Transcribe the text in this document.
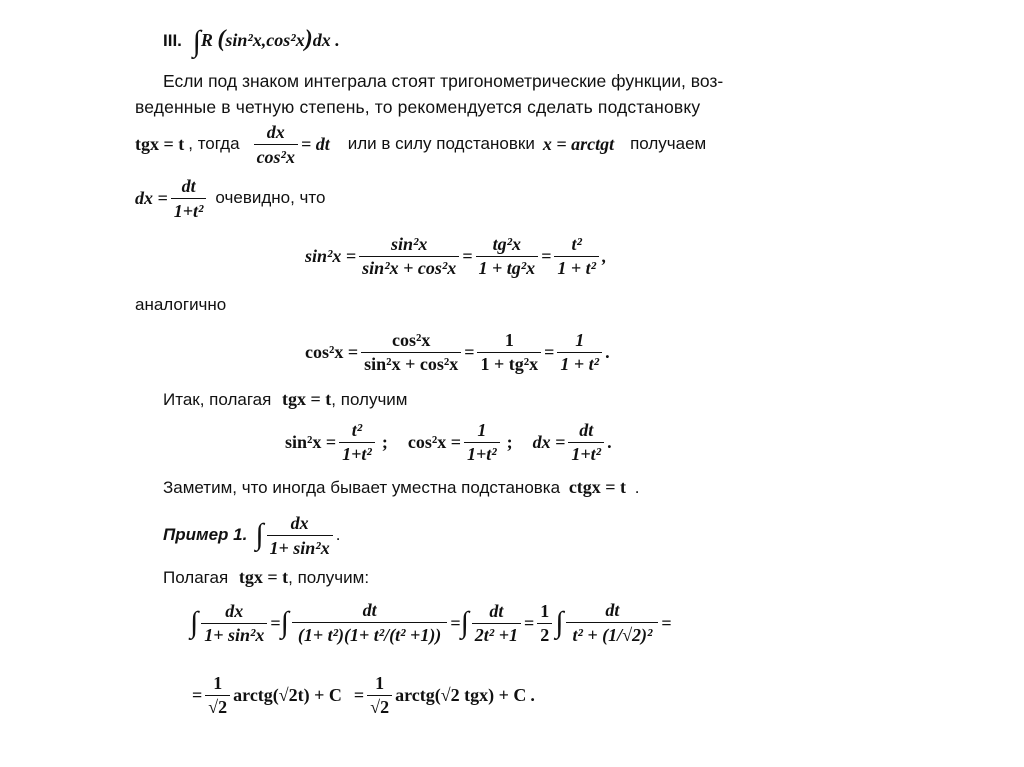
III. ∫R (sin²x,cos²x)dx .
Если под знаком интеграла стоят тригонометрические функции, воз-
веденные в четную степень, то рекомендуется сделать подстановку
tgx = t , тогда $\frac{dx}{\text{cos²x}}$ = dt или в силу подстановки x = arctgt получаем
dx = $\frac{dt}{\text{1+t²}}$ очевидно, что
$\sin^2x = \frac{\text{sin²x}}{\text{sin²x + cos²x}} = \frac{\text{tg²x}}{\text{1 + tg²x}} = \frac{\text{t²}}{\text{1 + t²}}$ ,
аналогично
$\cos^2x = \frac{\text{cos²x}}{\text{sin²x + cos²x}} = \frac{1}{\text{1 + tg²x}} = \frac{1}{\text{1 + t²}}$ .
Итак, полагая tgx = t, получим
$\sin^2x = \frac{\text{t²}}{\text{1+t²}}$ ; $\cos^2x = \frac{1}{\text{1+t²}}$ ; dx = $\frac{dt}{\text{1+t²}}$ .
Заметим, что иногда бывает уместна подстановка ctgx = t .
Пример 1. ∫ $\frac{dx}{\text{1+ sin²x}}$ .
Полагая tgx = t, получим:
∫ $\frac{dx}{\text{1+ sin²x}}$ = ∫ $\frac{dt}{\text{(1+ t²)(1+ t²/(t² +1))}}$ = ∫ $\frac{dt}{\text{2t² +1}} = \frac{1}{2}$ ∫ $\frac{dt}{\text{t² + (1/√2)²}}$ =
= $\frac{1}{√2}$ arctg(√2t) + $C = \frac{1}{√2}$ arctg(√2 tgx) + C .
